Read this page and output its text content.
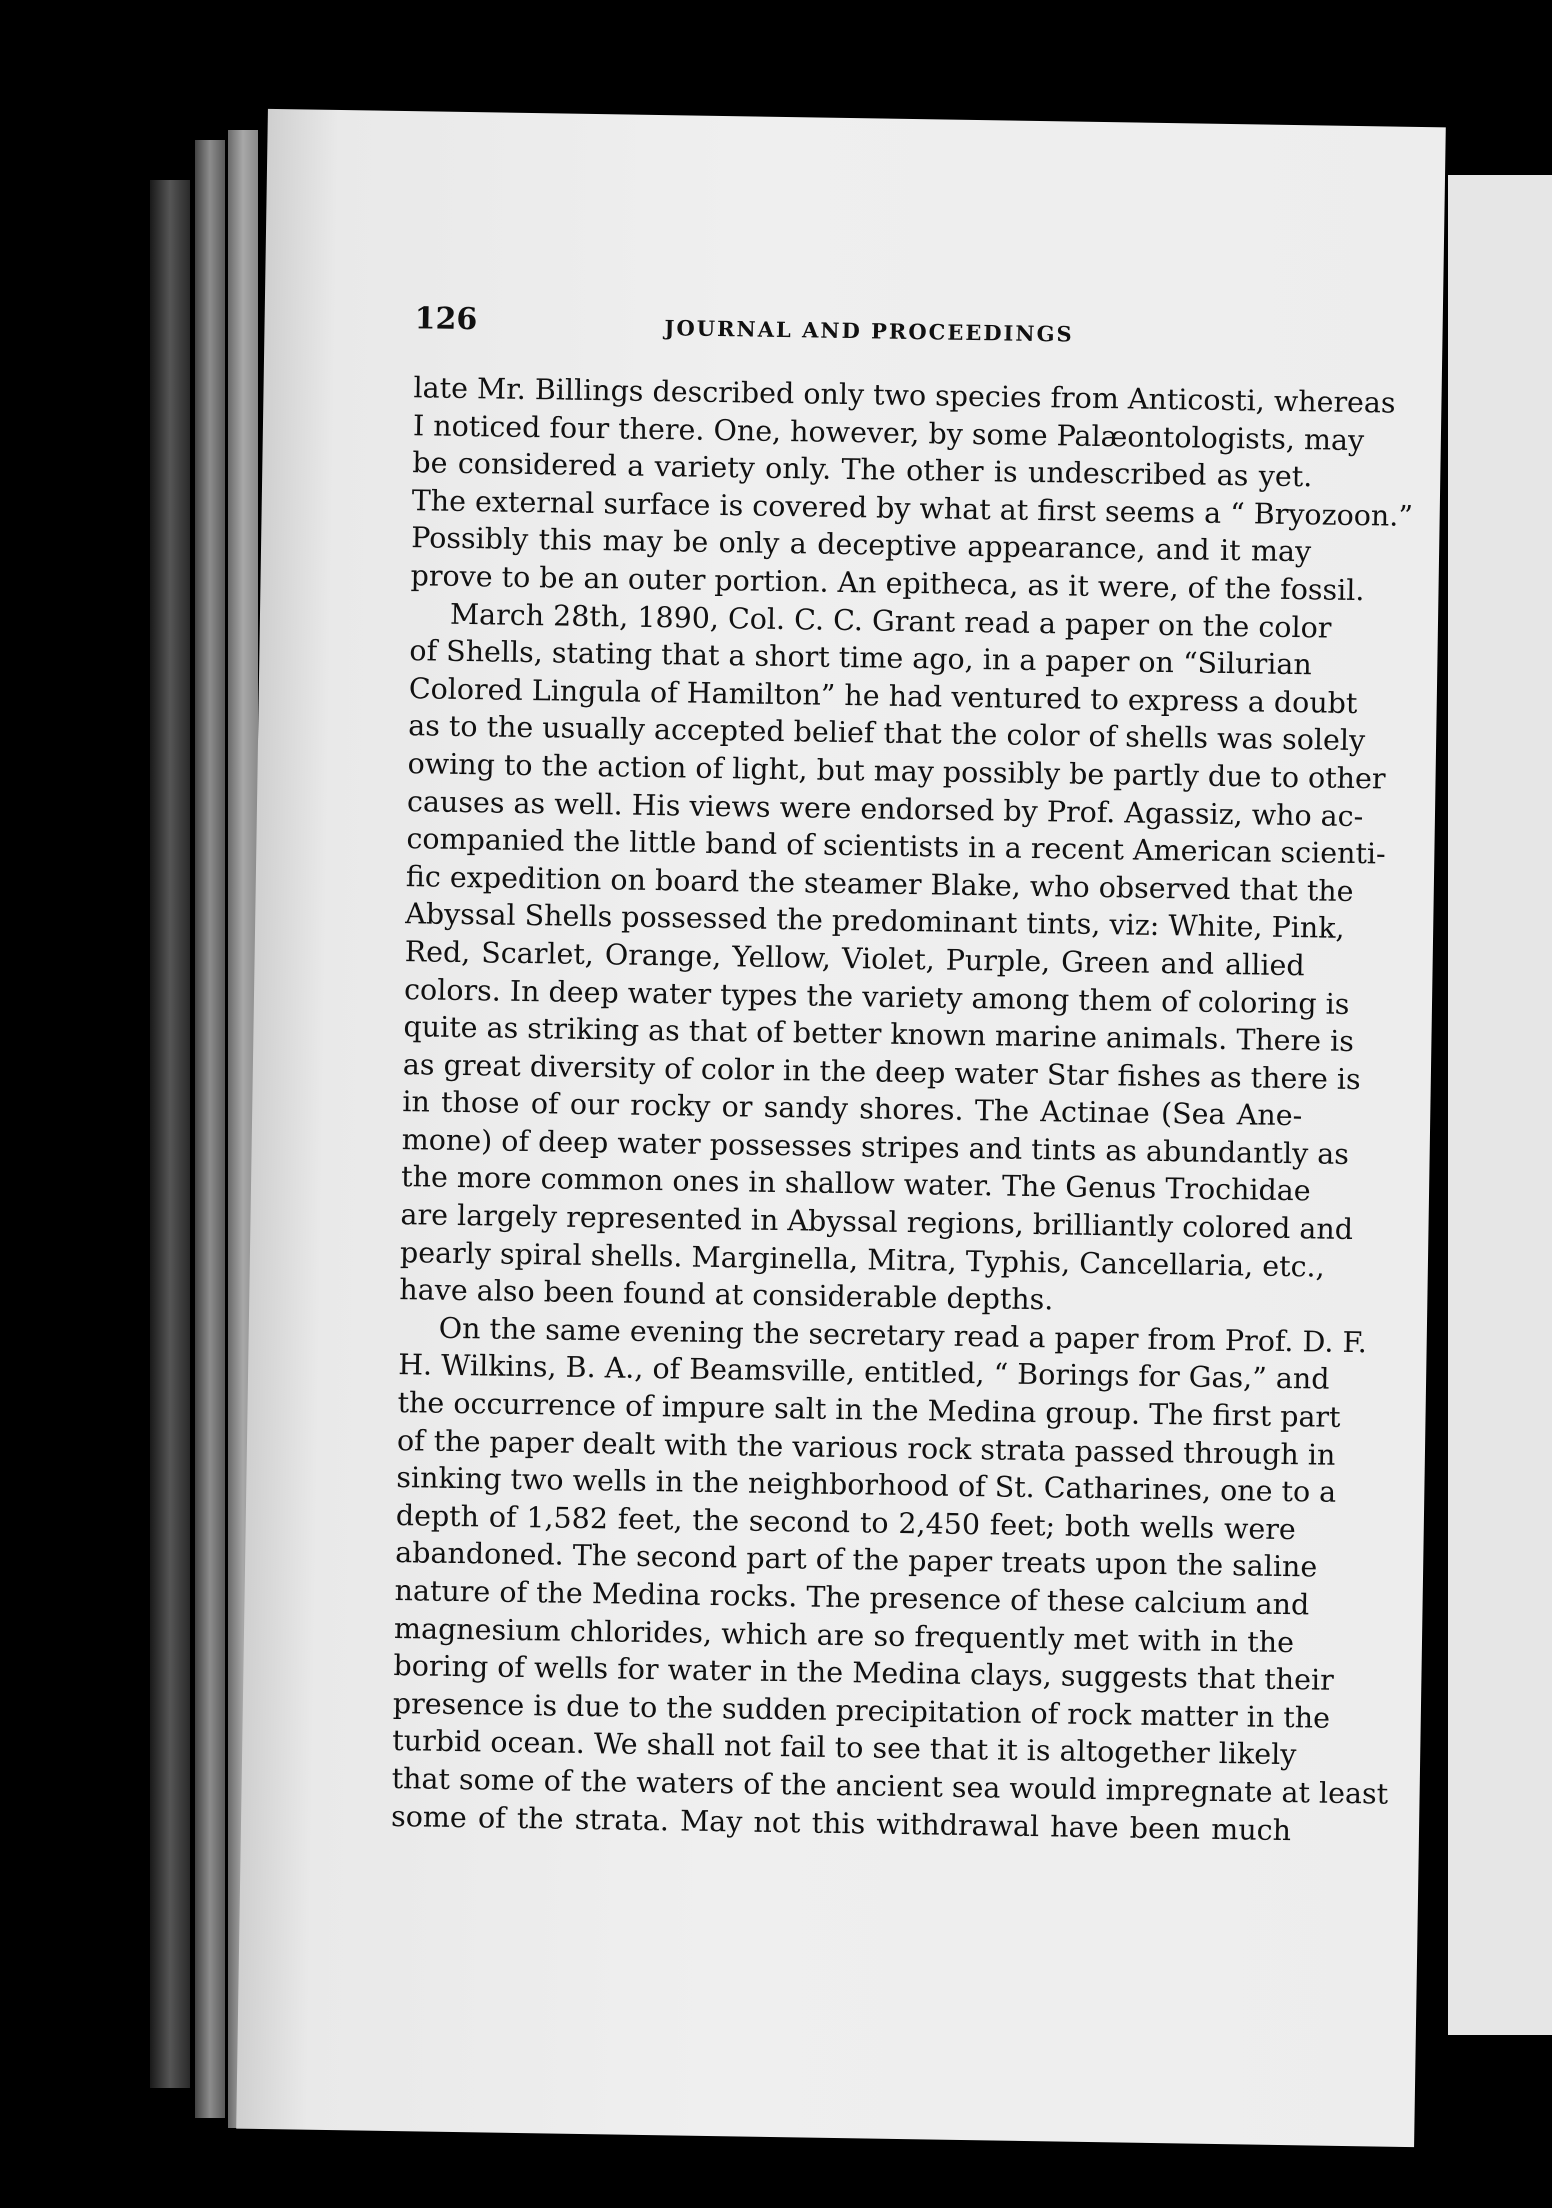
126	JOURNAL AND PROCEEDINGS
late Mr. Billings described only two species from Anticosti, whereas
I noticed four there. One, however, by some Palæontologists, may
be considered a variety only. The other is undescribed as yet.
The external surface is covered by what at first seems a “ Bryozoon.”
Possibly this may be only a deceptive appearance, and it may
prove to be an outer portion. An epitheca, as it were, of the fossil.
March 28th, 1890, Col. C. C. Grant read a paper on the color
of Shells, stating that a short time ago, in a paper on “Silurian
Colored Lingula of Hamilton” he had ventured to express a doubt
as to the usually accepted belief that the color of shells was solely
owing to the action of light, but may possibly be partly due to other
causes as well. His views were endorsed by Prof. Agassiz, who ac-
companied the little band of scientists in a recent American scienti-
fic expedition on board the steamer Blake, who observed that the
Abyssal Shells possessed the predominant tints, viz: White, Pink,
Red, Scarlet, Orange, Yellow, Violet, Purple, Green and allied
colors. In deep water types the variety among them of coloring is
quite as striking as that of better known marine animals. There is
as great diversity of color in the deep water Star fishes as there is
in those of our rocky or sandy shores. The Actinae (Sea Ane-
mone) of deep water possesses stripes and tints as abundantly as
the more common ones in shallow water. The Genus Trochidae
are largely represented in Abyssal regions, brilliantly colored and
pearly spiral shells. Marginella, Mitra, Typhis, Cancellaria, etc.,
have also been found at considerable depths.
On the same evening the secretary read a paper from Prof. D. F.
H. Wilkins, B. A., of Beamsville, entitled, “ Borings for Gas,” and
the occurrence of impure salt in the Medina group. The first part
of the paper dealt with the various rock strata passed through in
sinking two wells in the neighborhood of St. Catharines, one to a
depth of 1,582 feet, the second to 2,450 feet; both wells were
abandoned. The second part of the paper treats upon the saline
nature of the Medina rocks. The presence of these calcium and
magnesium chlorides, which are so frequently met with in the
boring of wells for water in the Medina clays, suggests that their
presence is due to the sudden precipitation of rock matter in the
turbid ocean. We shall not fail to see that it is altogether likely
that some of the waters of the ancient sea would impregnate at least
some of the strata. May not this withdrawal have been much
